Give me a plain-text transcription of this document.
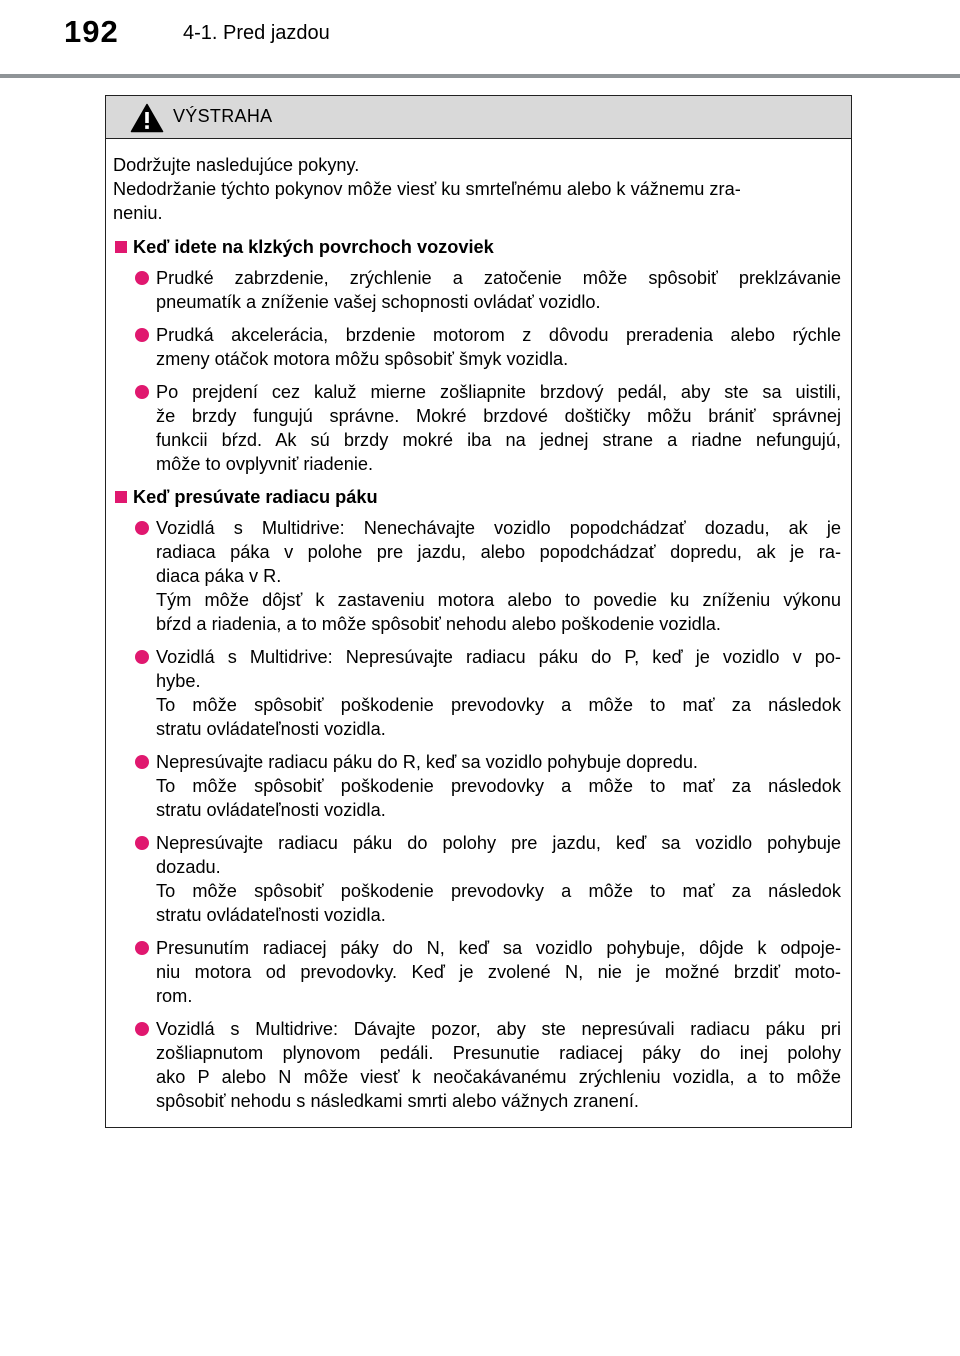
192	4-1. Pred jazdou
VÝSTRAHA
Dodržujte nasledujúce pokyny.
Nedodržanie týchto pokynov môže viesť ku smrteľnému alebo k vážnemu zra-
neniu.
Keď idete na klzkých povrchoch vozoviek
Prudké zabrzdenie, zrýchlenie a zatočenie môže spôsobiť preklzávanie
pneumatík a zníženie vašej schopnosti ovládať vozidlo.
Prudká akcelerácia, brzdenie motorom z dôvodu preradenia alebo rýchle
zmeny otáčok motora môžu spôsobiť šmyk vozidla.
Po prejdení cez kaluž mierne zošliapnite brzdový pedál, aby ste sa uistili,
že brzdy fungujú správne. Mokré brzdové doštičky môžu brániť správnej
funkcii bŕzd. Ak sú brzdy mokré iba na jednej strane a riadne nefungujú,
môže to ovplyvniť riadenie.
Keď presúvate radiacu páku
Vozidlá s Multidrive: Nenechávajte vozidlo popodchádzať dozadu, ak je
radiaca páka v polohe pre jazdu, alebo popodchádzať dopredu, ak je ra-
diaca páka v R.
Tým môže dôjsť k zastaveniu motora alebo to povedie ku zníženiu výkonu
bŕzd a riadenia, a to môže spôsobiť nehodu alebo poškodenie vozidla.
Vozidlá s Multidrive: Nepresúvajte radiacu páku do P, keď je vozidlo v po-
hybe.
To môže spôsobiť poškodenie prevodovky a môže to mať za následok
stratu ovládateľnosti vozidla.
Nepresúvajte radiacu páku do R, keď sa vozidlo pohybuje dopredu.
To môže spôsobiť poškodenie prevodovky a môže to mať za následok
stratu ovládateľnosti vozidla.
Nepresúvajte radiacu páku do polohy pre jazdu, keď sa vozidlo pohybuje
dozadu.
To môže spôsobiť poškodenie prevodovky a môže to mať za následok
stratu ovládateľnosti vozidla.
Presunutím radiacej páky do N, keď sa vozidlo pohybuje, dôjde k odpoje-
niu motora od prevodovky. Keď je zvolené N, nie je možné brzdiť moto-
rom.
Vozidlá s Multidrive: Dávajte pozor, aby ste nepresúvali radiacu páku pri
zošliapnutom plynovom pedáli. Presunutie radiacej páky do inej polohy
ako P alebo N môže viesť k neočakávanému zrýchleniu vozidla, a to môže
spôsobiť nehodu s následkami smrti alebo vážnych zranení.
